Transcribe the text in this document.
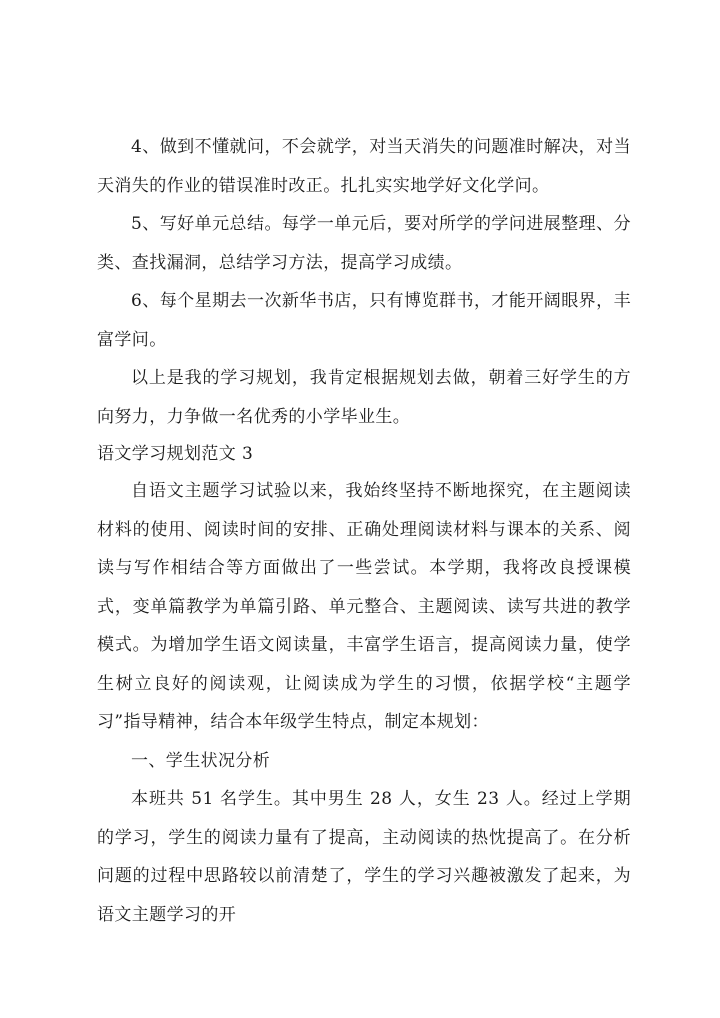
4、做到不懂就问，不会就学，对当天消失的问题准时解决，对当天消失的作业的错误准时改正。扎扎实实地学好文化学问。

5、写好单元总结。每学一单元后，要对所学的学问进展整理、分类、查找漏洞，总结学习方法，提高学习成绩。

6、每个星期去一次新华书店，只有博览群书，才能开阔眼界，丰富学问。

以上是我的学习规划，我肯定根据规划去做，朝着三好学生的方向努力，力争做一名优秀的小学毕业生。

语文学习规划范文 3

自语文主题学习试验以来，我始终坚持不断地探究，在主题阅读材料的使用、阅读时间的安排、正确处理阅读材料与课本的关系、阅读与写作相结合等方面做出了一些尝试。本学期，我将改良授课模式，变单篇教学为单篇引路、单元整合、主题阅读、读写共进的教学模式。为增加学生语文阅读量，丰富学生语言，提高阅读力量，使学生树立良好的阅读观，让阅读成为学生的习惯，依据学校“主题学习”指导精神，结合本年级学生特点，制定本规划：

一、学生状况分析

本班共 51 名学生。其中男生 28 人，女生 23 人。经过上学期的学习，学生的阅读力量有了提高，主动阅读的热忱提高了。在分析问题的过程中思路较以前清楚了，学生的学习兴趣被激发了起来，为语文主题学习的开
